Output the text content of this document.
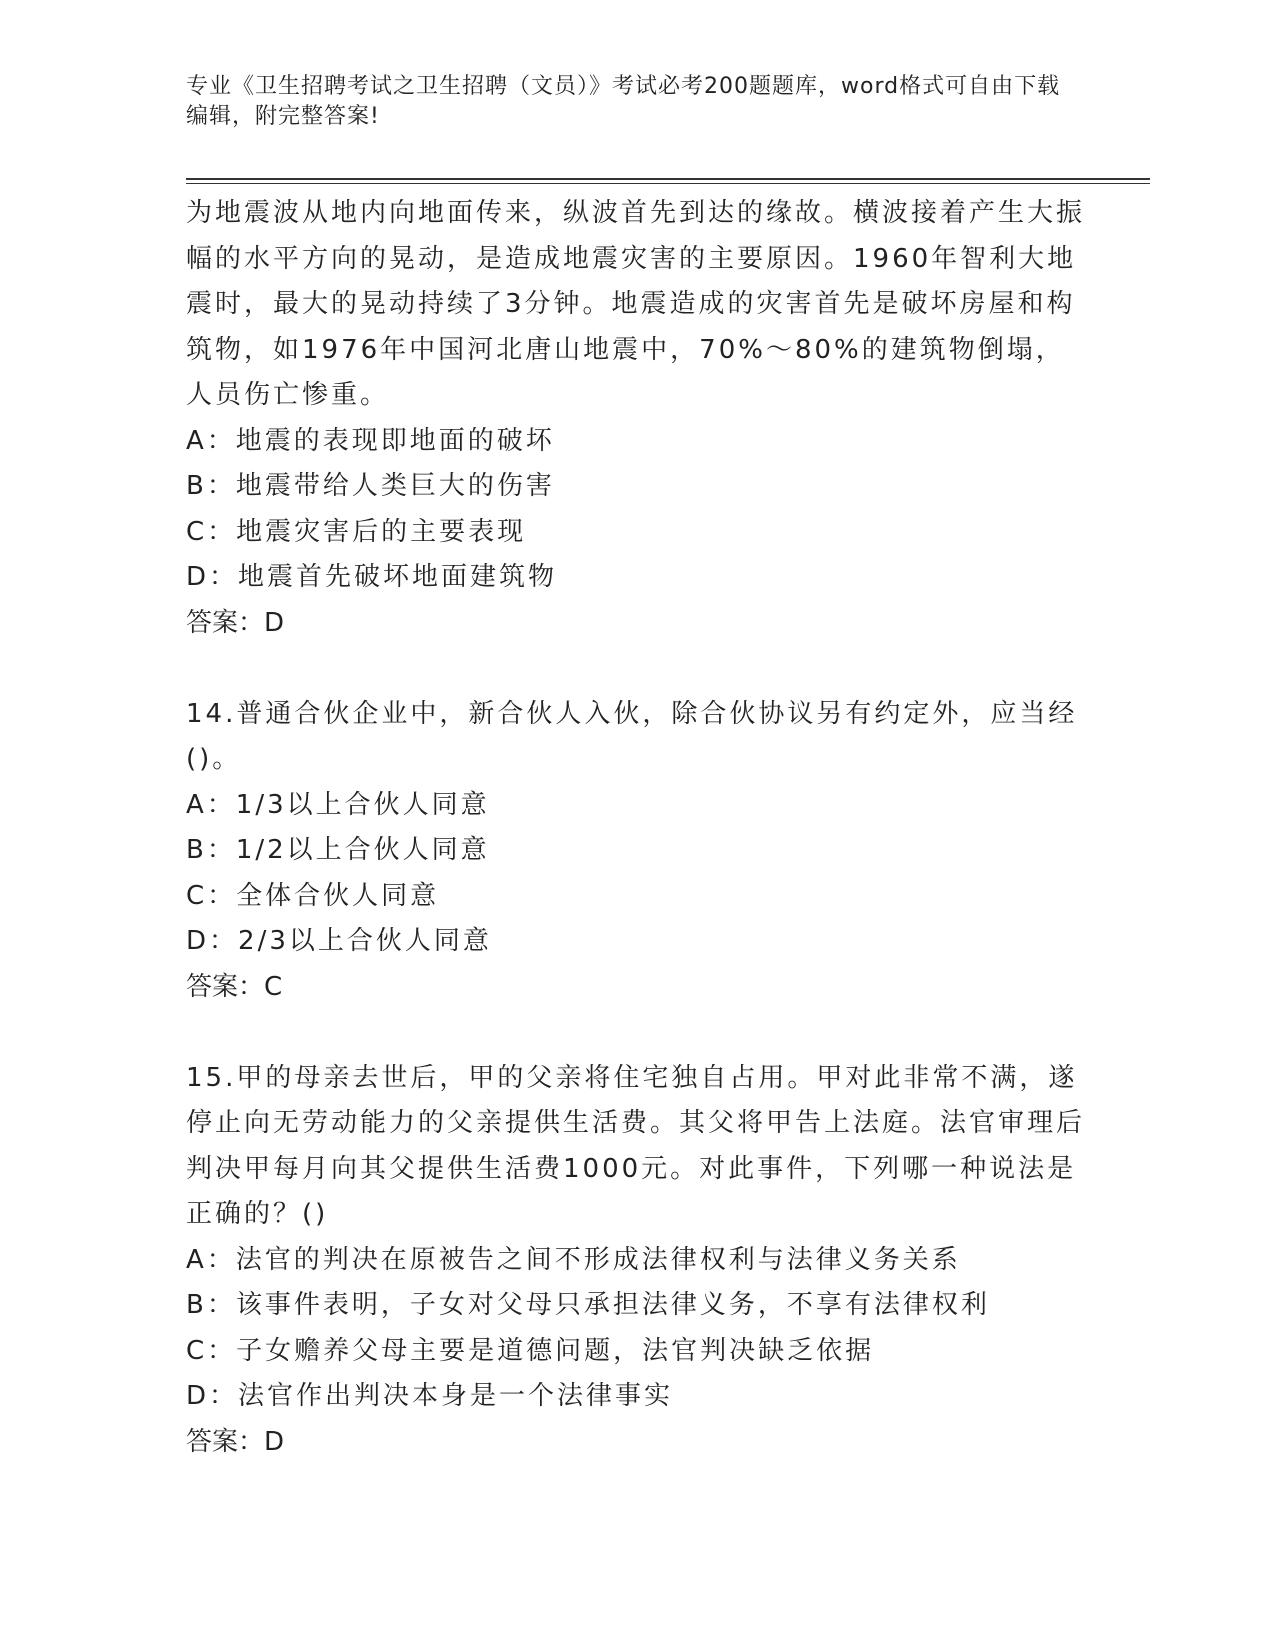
专业《卫生招聘考试之卫生招聘（文员）》考试必考200题题库，word格式可自由下载编辑，附完整答案!

为地震波从地内向地面传来，纵波首先到达的缘故。横波接着产生大振幅的水平方向的晃动，是造成地震灾害的主要原因。1960年智利大地震时，最大的晃动持续了3分钟。地震造成的灾害首先是破坏房屋和构筑物，如1976年中国河北唐山地震中，70%～80%的建筑物倒塌，人员伤亡惨重。

A：地震的表现即地面的破坏

B：地震带给人类巨大的伤害

C：地震灾害后的主要表现

D：地震首先破坏地面建筑物

答案：D

14.普通合伙企业中，新合伙人入伙，除合伙协议另有约定外，应当经()。

A：1/3以上合伙人同意

B：1/2以上合伙人同意

C：全体合伙人同意

D：2/3以上合伙人同意

答案：C

15.甲的母亲去世后，甲的父亲将住宅独自占用。甲对此非常不满，遂停止向无劳动能力的父亲提供生活费。其父将甲告上法庭。法官审理后判决甲每月向其父提供生活费1000元。对此事件，下列哪一种说法是正确的？()

A：法官的判决在原被告之间不形成法律权利与法律义务关系

B：该事件表明，子女对父母只承担法律义务，不享有法律权利

C：子女赡养父母主要是道德问题，法官判决缺乏依据

D：法官作出判决本身是一个法律事实

答案：D
